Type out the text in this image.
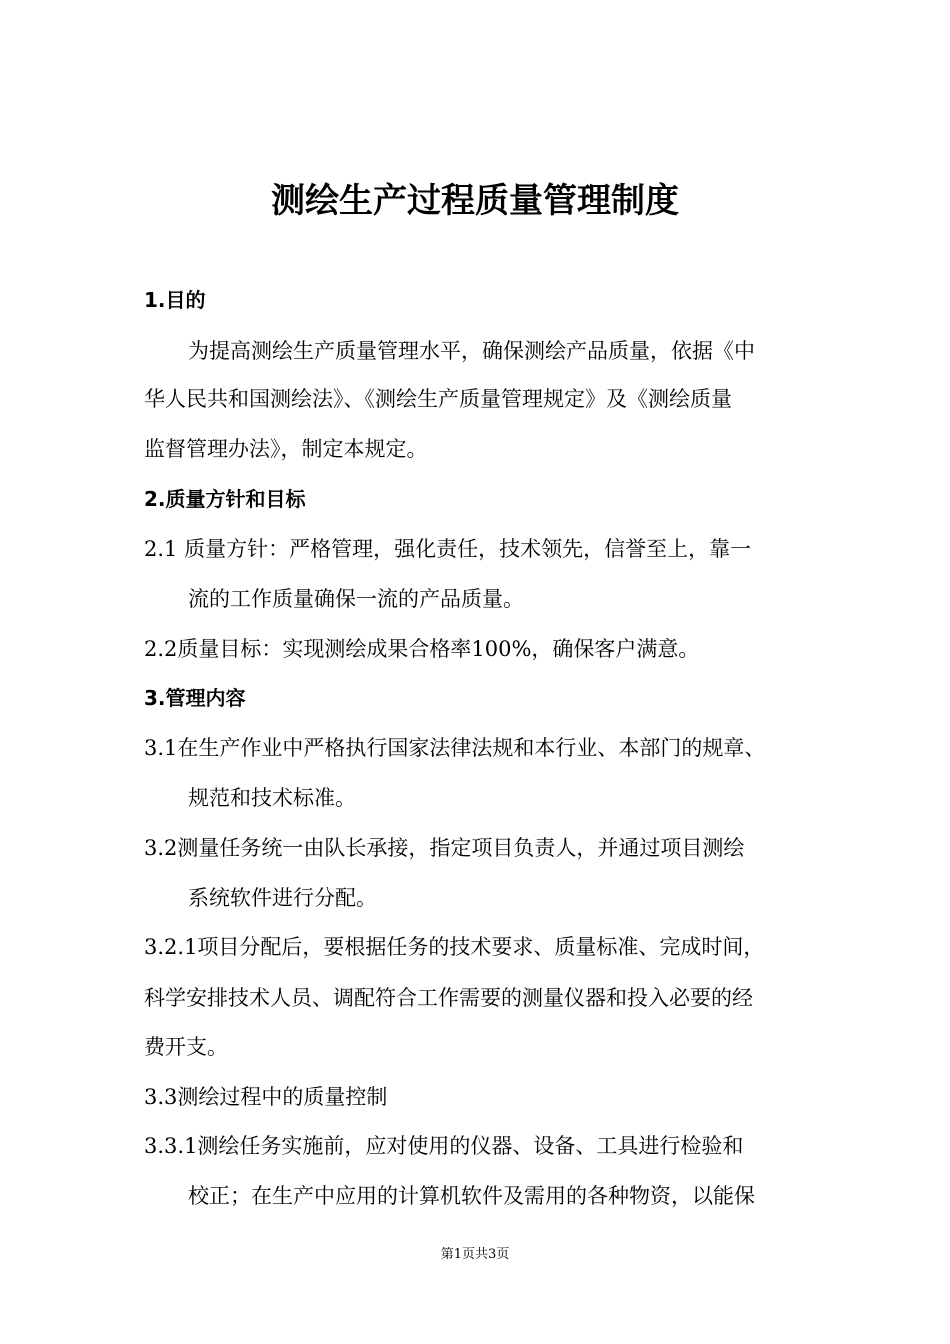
测绘生产过程质量管理制度

1.目的

为提高测绘生产质量管理水平，确保测绘产品质量，依据《中

华人民共和国测绘法》、《测绘生产质量管理规定》及《测绘质量

监督管理办法》，制定本规定。

2.质量方针和目标

2.1 质量方针：严格管理，强化责任，技术领先，信誉至上，靠一

流的工作质量确保一流的产品质量。

2.2质量目标：实现测绘成果合格率100%，确保客户满意。

3.管理内容

3.1在生产作业中严格执行国家法律法规和本行业、本部门的规章、

规范和技术标准。

3.2测量任务统一由队长承接，指定项目负责人，并通过项目测绘

系统软件进行分配。

3.2.1项目分配后，要根据任务的技术要求、质量标准、完成时间，

科学安排技术人员、调配符合工作需要的测量仪器和投入必要的经

费开支。

3.3测绘过程中的质量控制

3.3.1测绘任务实施前，应对使用的仪器、设备、工具进行检验和

校正；在生产中应用的计算机软件及需用的各种物资，以能保

第1页共3页
